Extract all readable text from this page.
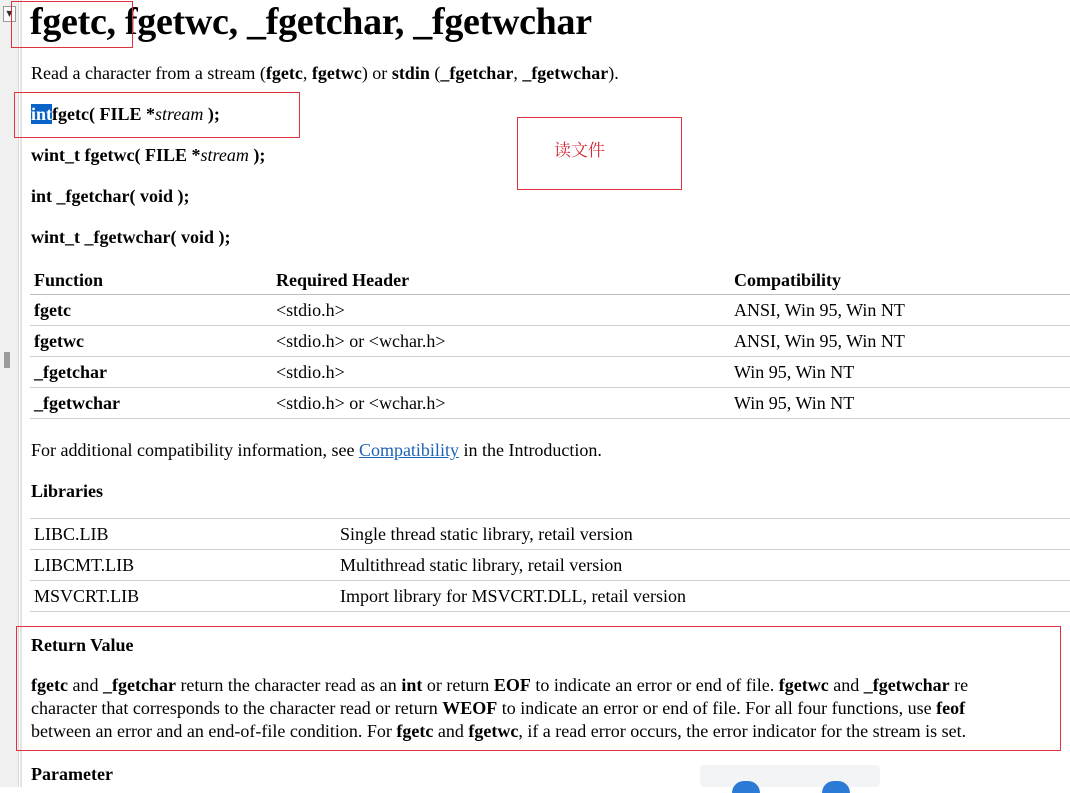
▼ fgetc, fgetwc, _fgetchar, _fgetwchar
Read a character from a stream (fgetc, fgetwc) or stdin (_fgetchar, _fgetwchar).
intfgetc( FILE *stream );
wint_t fgetwc( FILE *stream );
int _fgetchar( void );
wint_t _fgetwchar( void );
Function	Required Header	Compatibility
fgetc	<stdio.h>	ANSI, Win 95, Win NT
fgetwc	<stdio.h> or <wchar.h>	ANSI, Win 95, Win NT
_fgetchar	<stdio.h>	Win 95, Win NT
_fgetwchar	<stdio.h> or <wchar.h>	Win 95, Win NT
For additional compatibility information, see Compatibility in the Introduction.
Libraries
LIBC.LIB	Single thread static library, retail version
LIBCMT.LIB	Multithread static library, retail version
MSVCRT.LIB	Import library for MSVCRT.DLL, retail version
Return Value
fgetc and _fgetchar return the character read as an int or return EOF to indicate an error or end of file. fgetwc and _fgetwchar re
character that corresponds to the character read or return WEOF to indicate an error or end of file. For all four functions, use feof
between an error and an end-of-file condition. For fgetc and fgetwc, if a read error occurs, the error indicator for the stream is set.
Parameter
读文件
